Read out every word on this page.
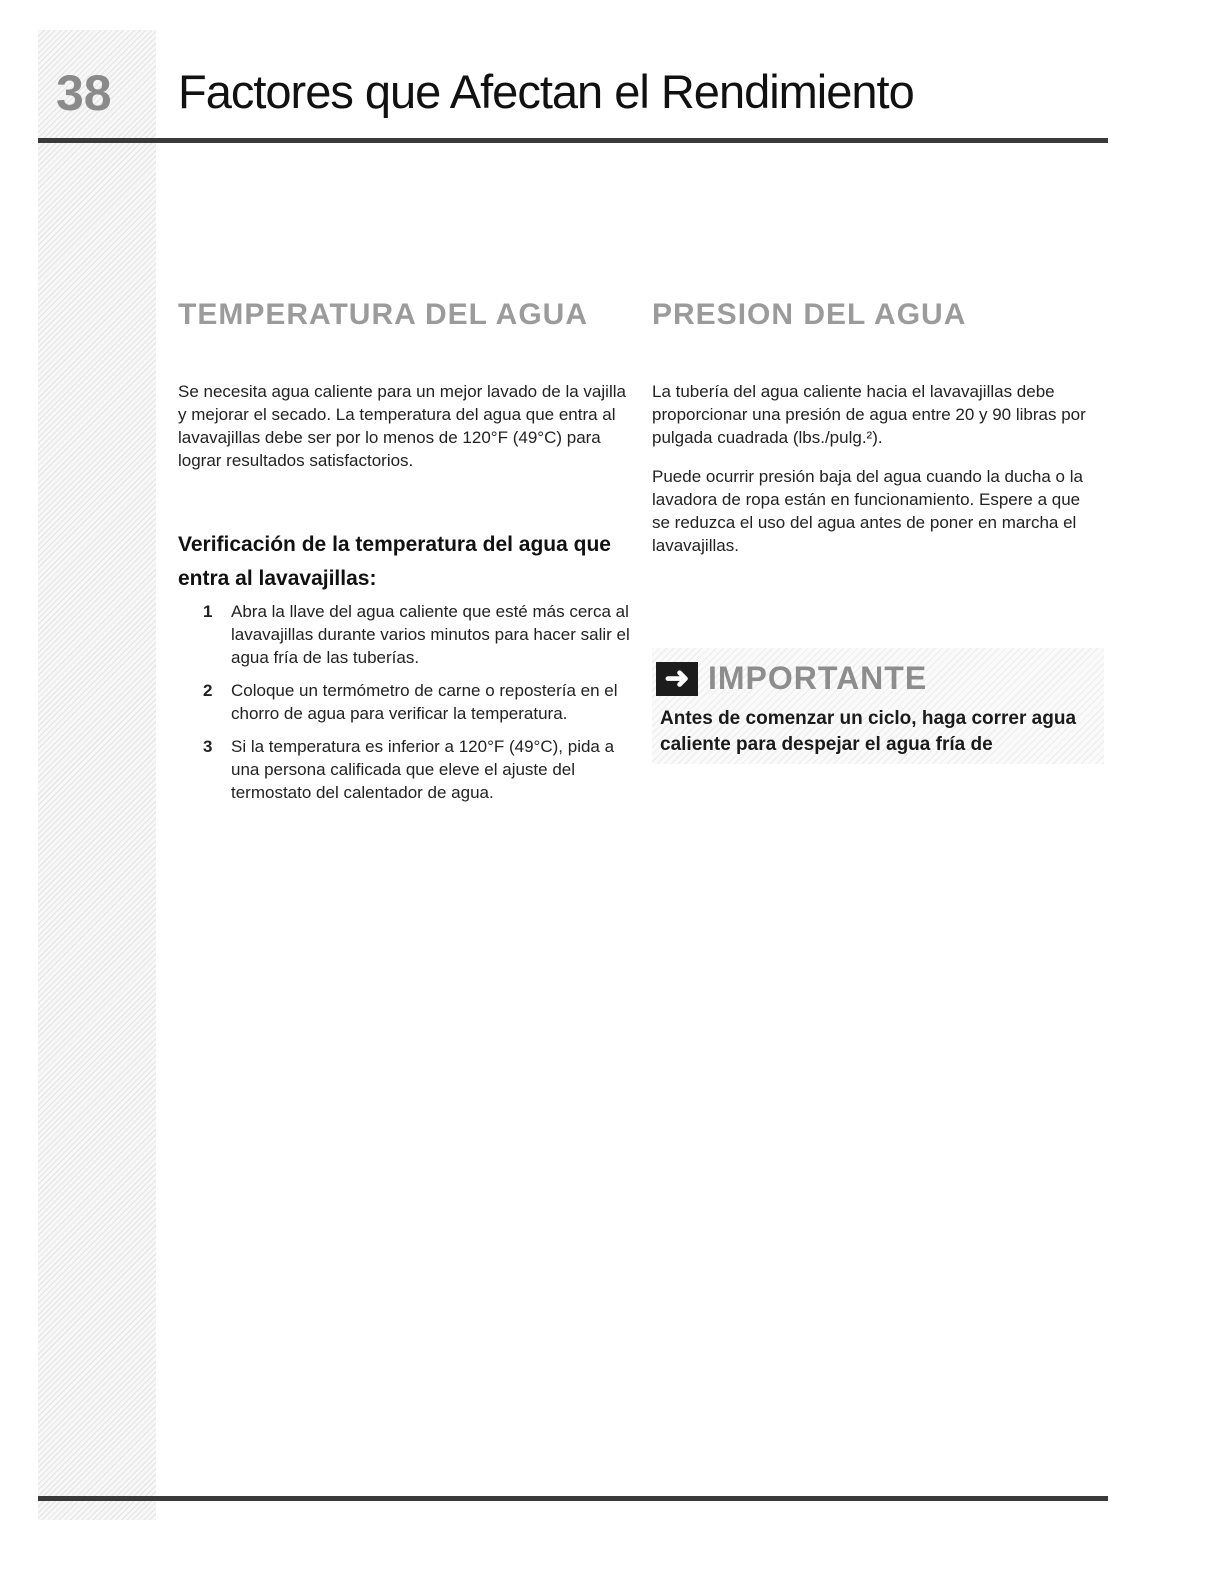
38 Factores que Afectan el Rendimiento
TEMPERATURA DEL AGUA

Se necesita agua caliente para un mejor lavado de la vajilla y mejorar el secado. La temperatura del agua que entra al lavavajillas debe ser por lo menos de 120°F (49°C) para lograr resultados satisfactorios.

Verificación de la temperatura del agua que entra al lavavajillas:
1	Abra la llave del agua caliente que esté más cerca al lavavajillas durante varios minutos para hacer salir el agua fría de las tuberías.
2	Coloque un termómetro de carne o repostería en el chorro de agua para verificar la temperatura.
3	Si la temperatura es inferior a 120°F (49°C), pida a una persona calificada que eleve el ajuste del termostato del calentador de agua.
PRESION DEL AGUA

La tubería del agua caliente hacia el lavavajillas debe proporcionar una presión de agua entre 20 y 90 libras por pulgada cuadrada (lbs./pulg.²).

Puede ocurrir presión baja del agua cuando la ducha o la lavadora de ropa están en funcionamiento. Espere a que se reduzca el uso del agua antes de poner en marcha el lavavajillas.

➜ IMPORTANTE

Antes de comenzar un ciclo, haga correr agua caliente para despejar el agua fría de
